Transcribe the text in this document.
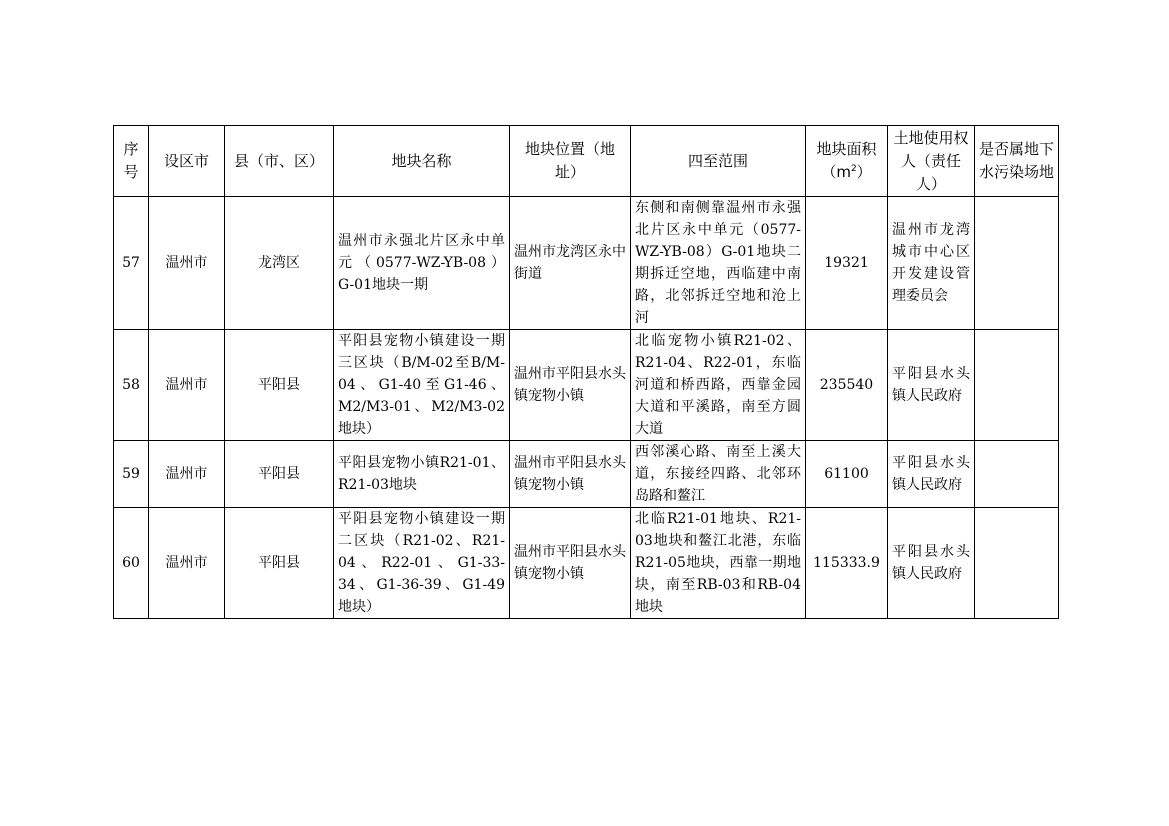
序号	设区市	县（市、区）	地块名称	地块位置（地址）	四至范围	地块面积$(m^2)$	土地使用权人（责任人）	是否属地下水污染场地
57	温州市	龙湾区	温州市永强北片区永中单元（0577-WZ-YB-08）G-01地块一期	温州市龙湾区永中街道	东侧和南侧靠温州市永强北片区永中单元（0577-WZ-YB-08）G-01地块二期拆迁空地，西临建中南路，北邻拆迁空地和沧上河	19321	温州市龙湾城市中心区开发建设管理委员会	
58	温州市	平阳县	平阳县宠物小镇建设一期三区块（B/M-02至B/M-04、G1-40至G1-46、M2/M3-01、M2/M3-02地块）	温州市平阳县水头镇宠物小镇	北临宠物小镇R21-02、R21-04、R22-01，东临河道和桥西路，西靠金园大道和平溪路，南至方圆大道	235540	平阳县水头镇人民政府	
59	温州市	平阳县	平阳县宠物小镇R21-01、R21-03地块	温州市平阳县水头镇宠物小镇	西邻溪心路、南至上溪大道，东接经四路、北邻环岛路和鳌江	61100	平阳县水头镇人民政府	
60	温州市	平阳县	平阳县宠物小镇建设一期二区块（R21-02、R21-04、R22-01、G1-33-34、G1-36-39、G1-49地块）	温州市平阳县水头镇宠物小镇	北临R21-01地块、R21-03地块和鳌江北港，东临R21-05地块，西靠一期地块，南至RB-03和RB-04地块	115333.9	平阳县水头镇人民政府	
